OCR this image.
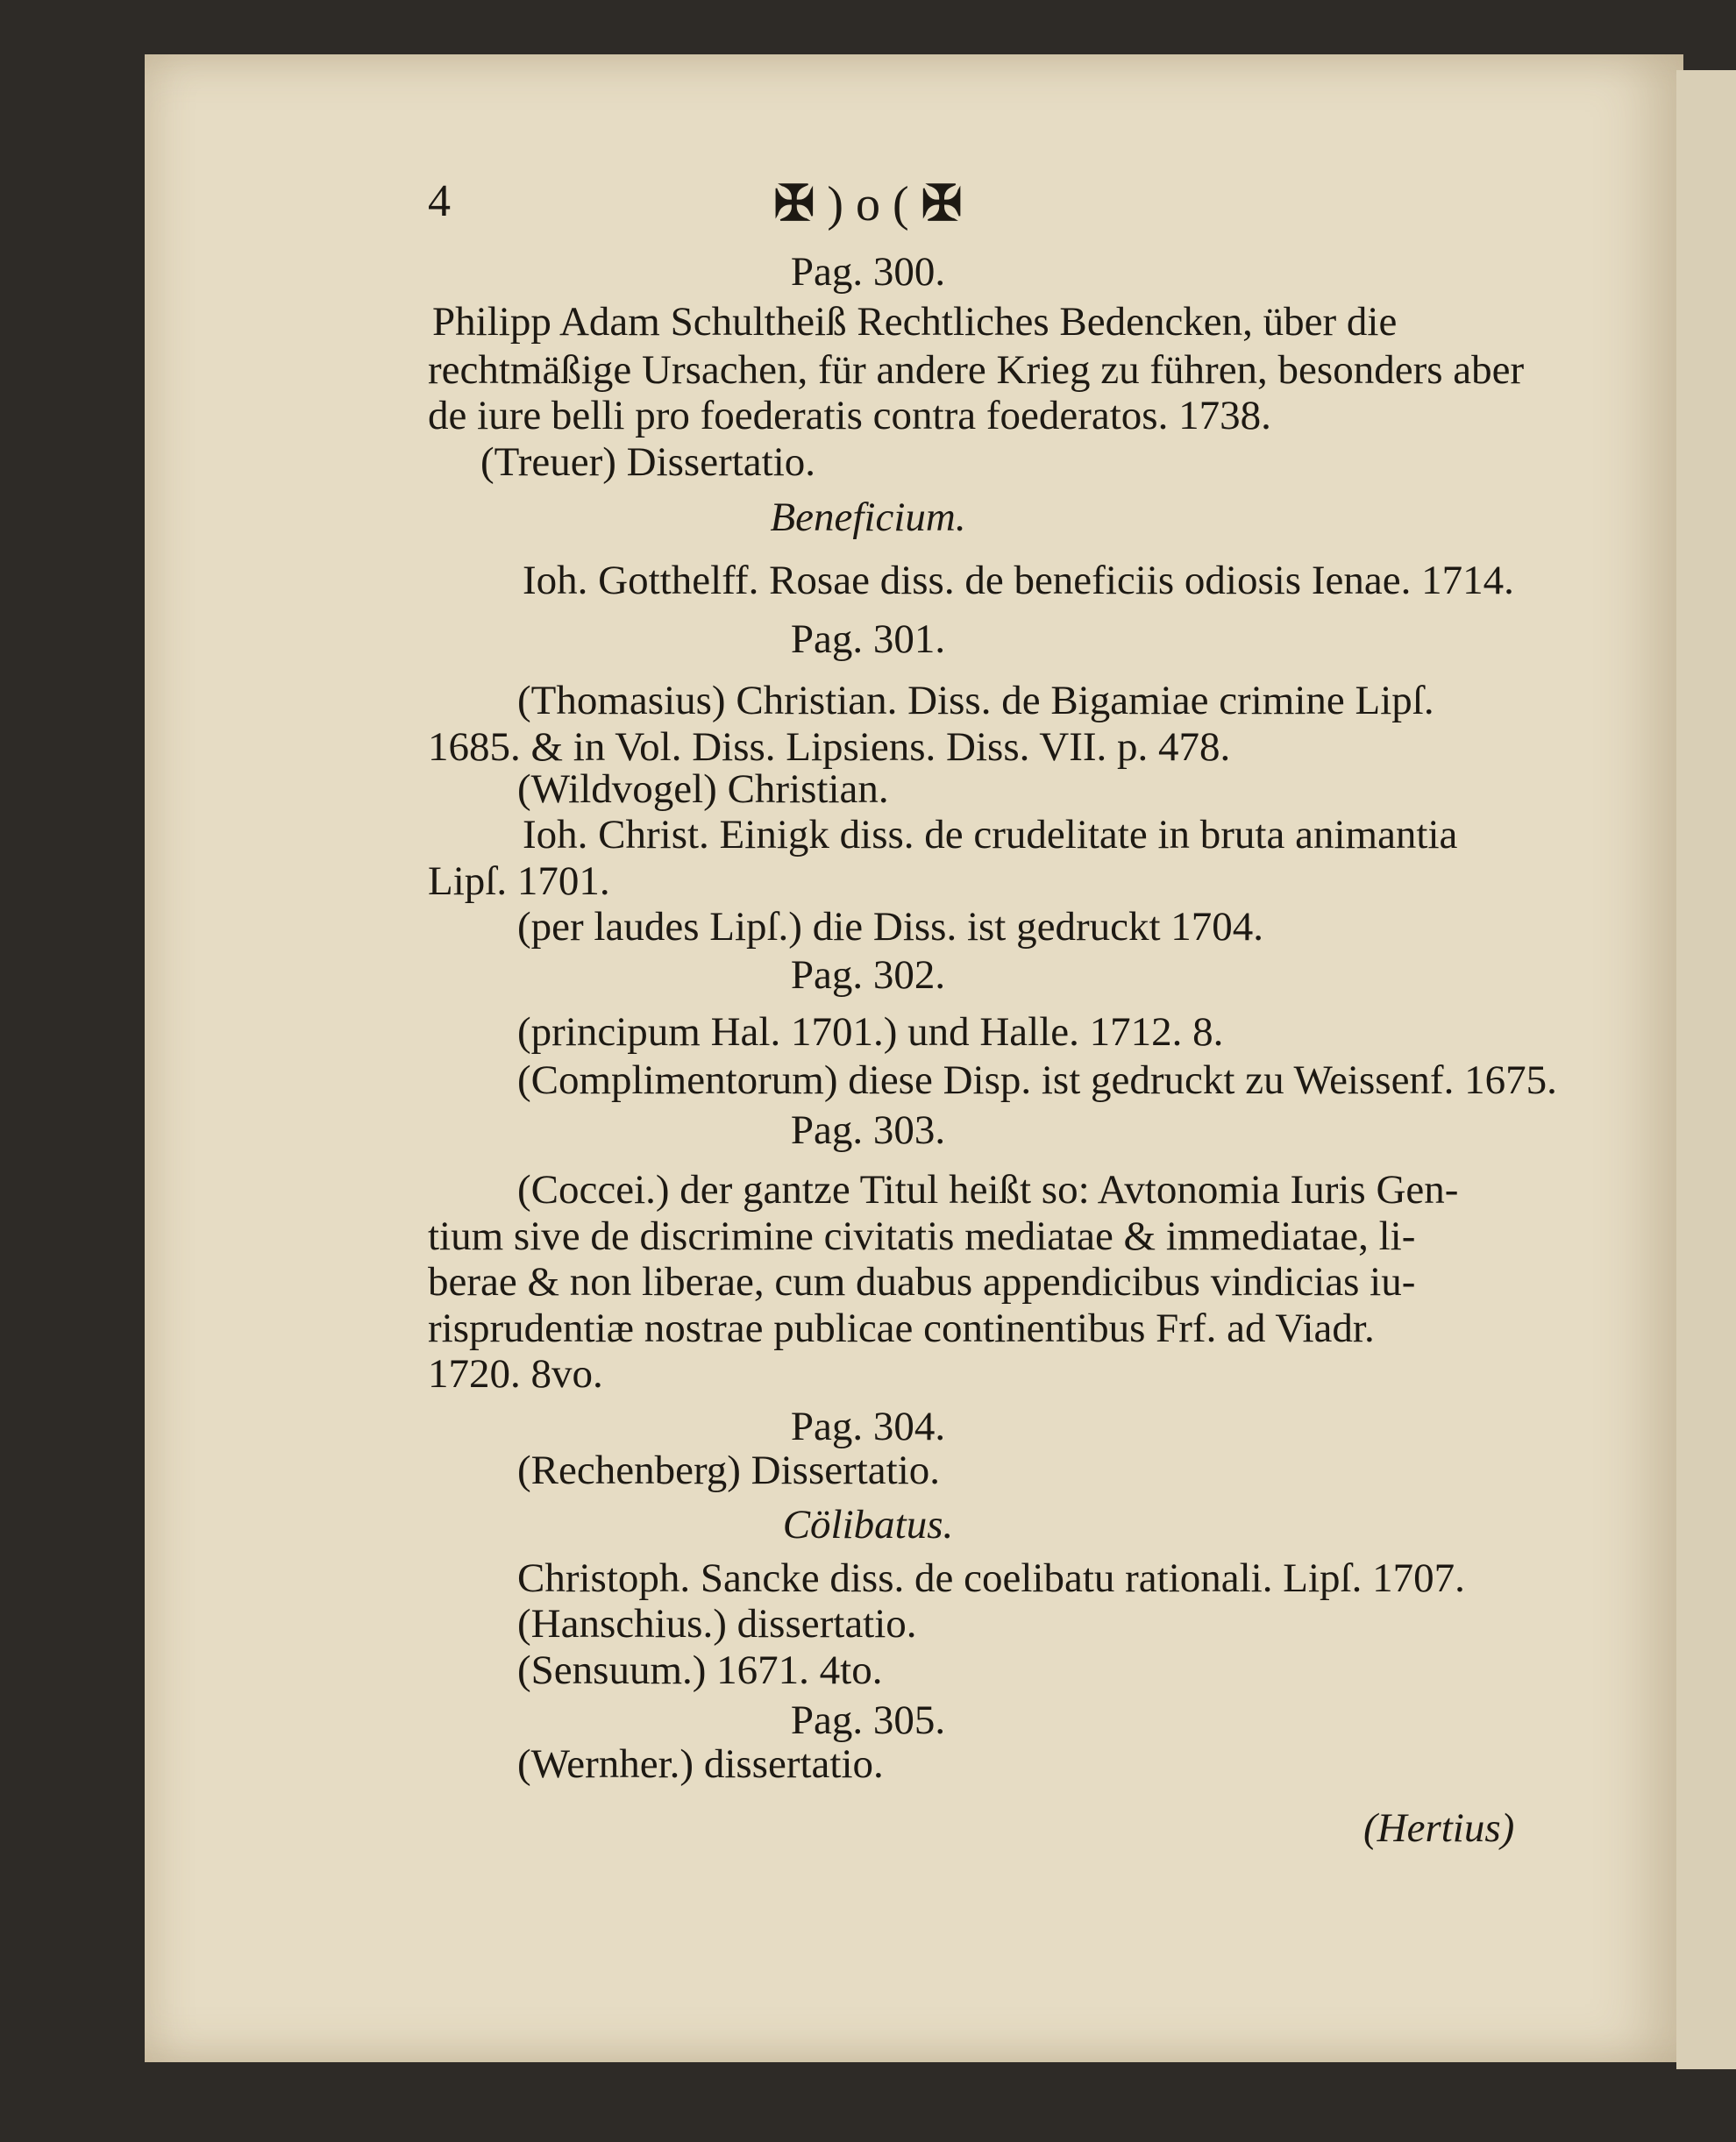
4	✠ ) o ( ✠
Pag. 300.
Philipp Adam Schultheiß Rechtliches Bedencken, über die
rechtmäßige Ursachen, für andere Krieg zu führen, besonders aber
de iure belli pro foederatis contra foederatos. 1738.
(Treuer) Dissertatio.
Beneficium.
Ioh. Gotthelff. Rosae diss. de beneficiis odiosis Ienae. 1714.
Pag. 301.
(Thomasius) Christian. Diss. de Bigamiae crimine Lipſ.
1685. & in Vol. Diss. Lipsiens. Diss. VII. p. 478.
(Wildvogel) Christian.
Ioh. Christ. Einigk diss. de crudelitate in bruta animantia
Lipſ. 1701.
(per laudes Lipſ.) die Diss. ist gedruckt 1704.
Pag. 302.
(principum Hal. 1701.) und Halle. 1712. 8.
(Complimentorum) diese Disp. ist gedruckt zu Weissenf. 1675.
Pag. 303.
(Coccei.) der gantze Titul heißt so: Avtonomia Iuris Gen-
tium sive de discrimine civitatis mediatae & immediatae, li-
berae & non liberae, cum duabus appendicibus vindicias iu-
risprudentiæ nostrae publicae continentibus Frf. ad Viadr.
1720. 8vo.
Pag. 304.
(Rechenberg) Dissertatio.
Cölibatus.
Christoph. Sancke diss. de coelibatu rationali. Lipſ. 1707.
(Hanschius.) dissertatio.
(Sensuum.) 1671. 4to.
Pag. 305.
(Wernher.) dissertatio.
(Hertius)
